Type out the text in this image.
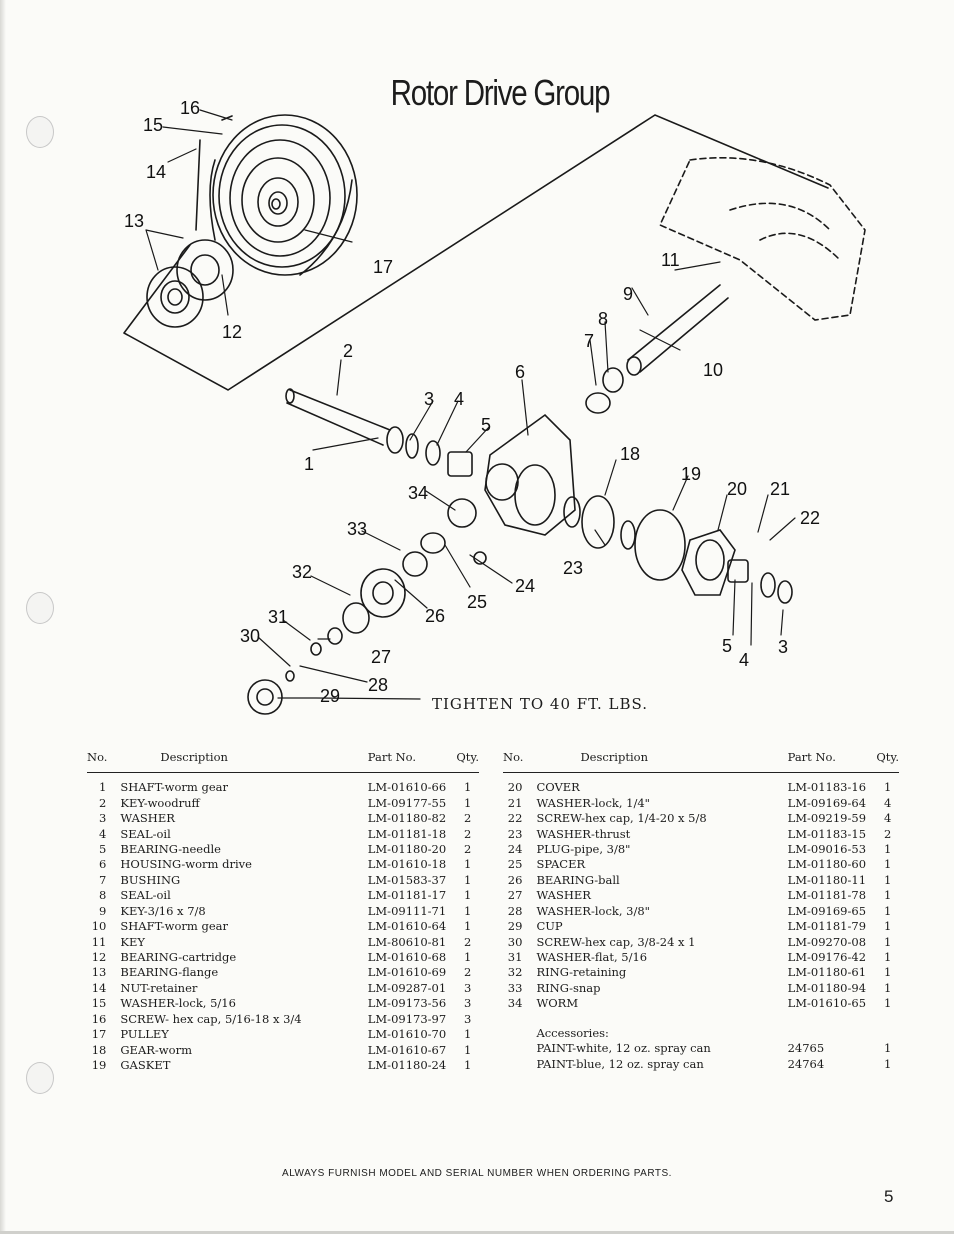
Rotor Drive Group
16
15
14
13
12
17	11
9
8
7
10
2
6
3 4
5
1	18
19
20 21
22
34
33
23
24
25
26
32
31
30
27
28
29
5
4
3
TIGHTEN TO 40 FT. LBS.
No.	Description	Part No.	Qty.
1	SHAFT-worm gear	LM-01610-66	1
2	KEY-woodruff	LM-09177-55	1
3	WASHER	LM-01180-82	2
4	SEAL-oil	LM-01181-18	2
5	BEARING-needle	LM-01180-20	2
6	HOUSING-worm drive	LM-01610-18	1
7	BUSHING	LM-01583-37	1
8	SEAL-oil	LM-01181-17	1
9	KEY-3/16 x 7/8	LM-09111-71	1
10	SHAFT-worm gear	LM-01610-64	1
11	KEY	LM-80610-81	2
12	BEARING-cartridge	LM-01610-68	1
13	BEARING-flange	LM-01610-69	2
14	NUT-retainer	LM-09287-01	3
15	WASHER-lock, 5/16	LM-09173-56	3
16	SCREW- hex cap, 5/16-18 x 3/4	LM-09173-97	3
17	PULLEY	LM-01610-70	1
18	GEAR-worm	LM-01610-67	1
19	GASKET	LM-01180-24	1
No.	Description	Part No.	Qty.
20	COVER	LM-01183-16	1
21	WASHER-lock, 1/4"	LM-09169-64	4
22	SCREW-hex cap, 1/4-20 x 5/8	LM-09219-59	4
23	WASHER-thrust	LM-01183-15	2
24	PLUG-pipe, 3/8"	LM-09016-53	1
25	SPACER	LM-01180-60	1
26	BEARING-ball	LM-01180-11	1
27	WASHER	LM-01181-78	1
28	WASHER-lock, 3/8"	LM-09169-65	1
29	CUP	LM-01181-79	1
30	SCREW-hex cap, 3/8-24 x 1	LM-09270-08	1
31	WASHER-flat, 5/16	LM-09176-42	1
32	RING-retaining	LM-01180-61	1
33	RING-snap	LM-01180-94	1
34	WORM	LM-01610-65	1
	Accessories:		
	PAINT-white, 12 oz. spray can	24765	1
	PAINT-blue, 12 oz. spray can	24764	1
ALWAYS FURNISH MODEL AND SERIAL NUMBER WHEN ORDERING PARTS.
5
